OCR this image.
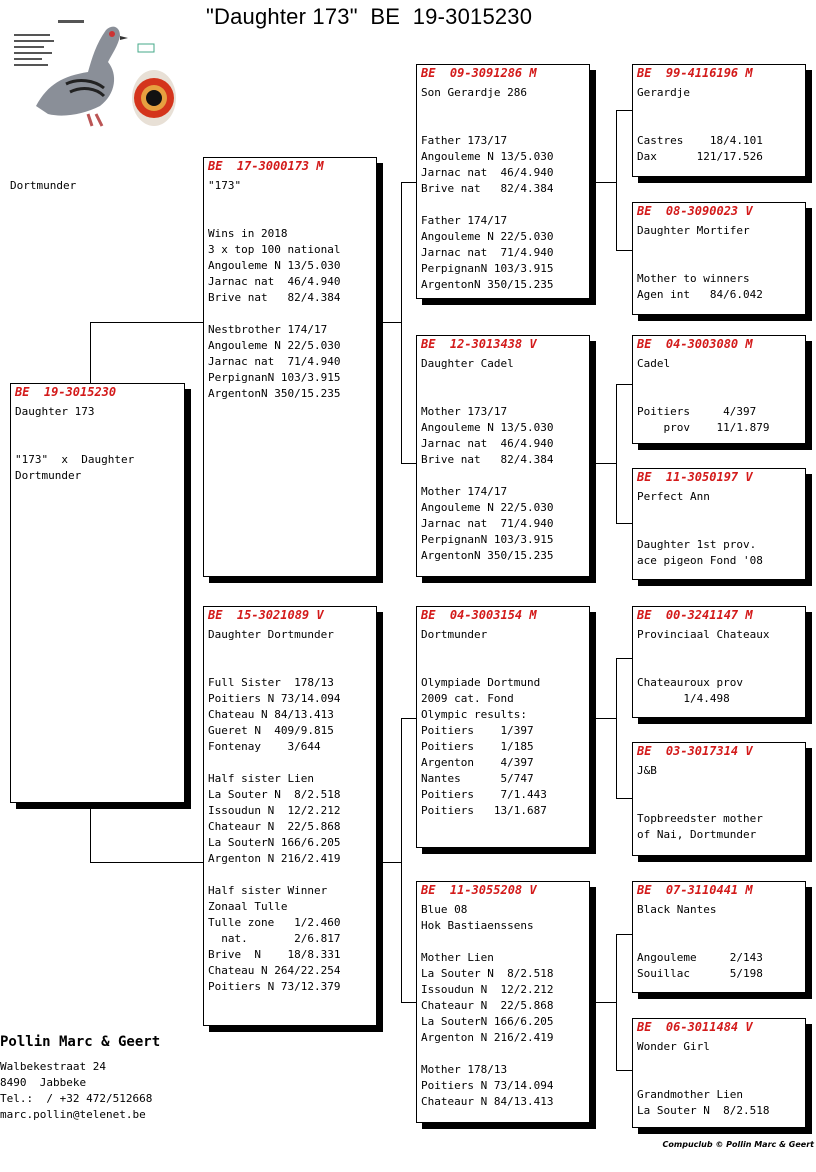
"Daughter 173"  BE  19-3015230
Dortmunder
BE  19-3015230
Daughter 173
"173"  x  Daughter
Dortmunder
BE  17-3000173 M
"173"
Wins in 2018
3 x top 100 national
Angouleme N 13/5.030
Jarnac nat  46/4.940
Brive nat   82/4.384
Nestbrother 174/17
Angouleme N 22/5.030
Jarnac nat  71/4.940
PerpignanN 103/3.915
ArgentonN 350/15.235
BE  15-3021089 V
Daughter Dortmunder
Full Sister  178/13
Poitiers N 73/14.094
Chateau N 84/13.413
Gueret N  409/9.815
Fontenay    3/644
Half sister Lien
La Souter N  8/2.518
Issoudun N  12/2.212
Chateaur N  22/5.868
La SouterN 166/6.205
Argenton N 216/2.419
Half sister Winner
Zonaal Tulle
Tulle zone   1/2.460
nat.       2/6.817
Brive  N    18/8.331
Chateau N 264/22.254
Poitiers N 73/12.379
BE  09-3091286 M
Son Gerardje 286
Father 173/17
Angouleme N 13/5.030
Jarnac nat  46/4.940
Brive nat   82/4.384
Father 174/17
Angouleme N 22/5.030
Jarnac nat  71/4.940
PerpignanN 103/3.915
ArgentonN 350/15.235
BE  12-3013438 V
Daughter Cadel
Mother 173/17
Angouleme N 13/5.030
Jarnac nat  46/4.940
Brive nat   82/4.384
Mother 174/17
Angouleme N 22/5.030
Jarnac nat  71/4.940
PerpignanN 103/3.915
ArgentonN 350/15.235
BE  04-3003154 M
Dortmunder
Olympiade Dortmund
2009 cat. Fond
Olympic results:
Poitiers    1/397
Poitiers    1/185
Argenton    4/397
Nantes      5/747
Poitiers    7/1.443
Poitiers   13/1.687
BE  11-3055208 V
Blue 08
Hok Bastiaenssens
Mother Lien
La Souter N  8/2.518
Issoudun N  12/2.212
Chateaur N  22/5.868
La SouterN 166/6.205
Argenton N 216/2.419
Mother 178/13
Poitiers N 73/14.094
Chateaur N 84/13.413
BE  99-4116196 M
Gerardje
Castres    18/4.101
Dax      121/17.526
BE  08-3090023 V
Daughter Mortifer
Mother to winners
Agen int   84/6.042
BE  04-3003080 M
Cadel
Poitiers     4/397
prov    11/1.879
BE  11-3050197 V
Perfect Ann
Daughter 1st prov.
ace pigeon Fond '08
BE  00-3241147 M
Provinciaal Chateaux
Chateauroux prov
1/4.498
BE  03-3017314 V
J&B
Topbreedster mother
of Nai, Dortmunder
BE  07-3110441 M
Black Nantes
Angouleme     2/143
Souillac      5/198
BE  06-3011484 V
Wonder Girl
Grandmother Lien
La Souter N  8/2.518
Pollin Marc & Geert
Walbekestraat 24
8490  Jabbeke
Tel.:  / +32 472/512668
marc.pollin@telenet.be
Compuclub © Pollin Marc & Geert
